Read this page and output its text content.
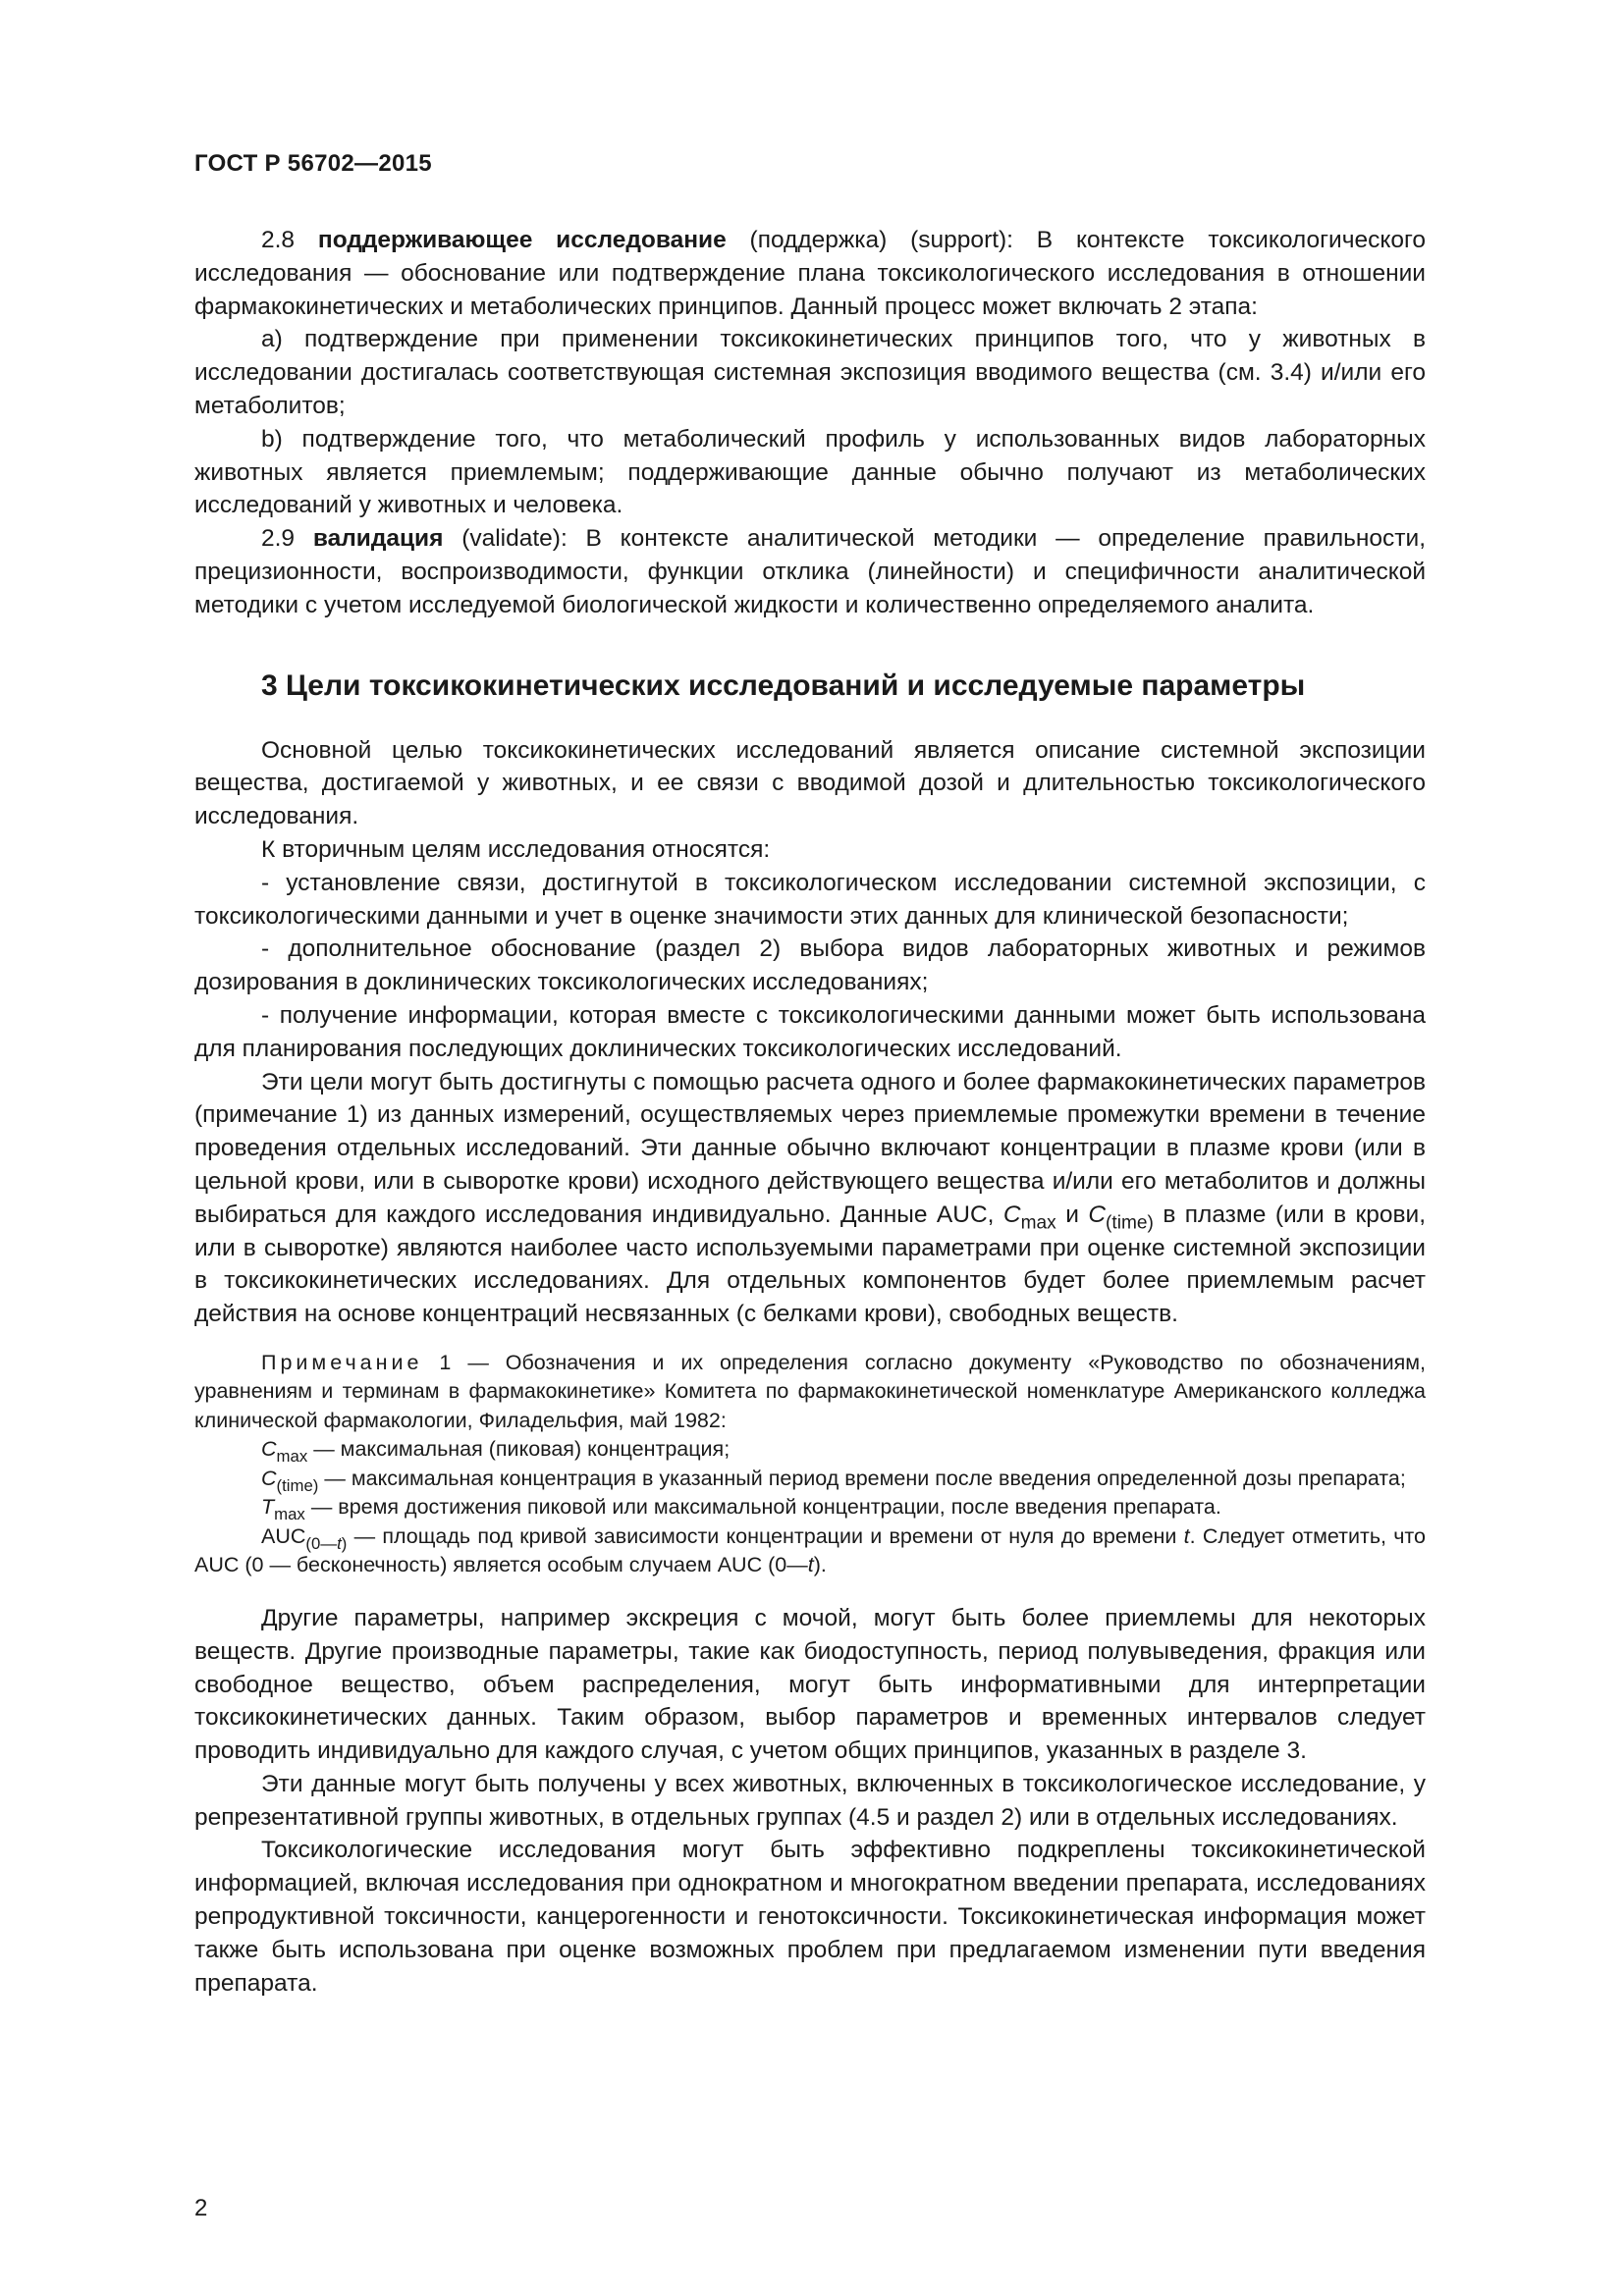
ГОСТ Р 56702—2015

2.8 поддерживающее исследование (поддержка) (support): В контексте токсикологического исследования — обоснование или подтверждение плана токсикологического исследования в отношении фармакокинетических и метаболических принципов. Данный процесс может включать 2 этапа:

а) подтверждение при применении токсикокинетических принципов того, что у животных в исследовании достигалась соответствующая системная экспозиция вводимого вещества (см. 3.4) и/или его метаболитов;

b) подтверждение того, что метаболический профиль у использованных видов лабораторных животных является приемлемым; поддерживающие данные обычно получают из метаболических исследований у животных и человека.

2.9 валидация (validate): В контексте аналитической методики — определение правильности, прецизионности, воспроизводимости, функции отклика (линейности) и специфичности аналитической методики с учетом исследуемой биологической жидкости и количественно определяемого аналита.

3 Цели токсикокинетических исследований и исследуемые параметры

Основной целью токсикокинетических исследований является описание системной экспозиции вещества, достигаемой у животных, и ее связи с вводимой дозой и длительностью токсикологического исследования.

К вторичным целям исследования относятся:

- установление связи, достигнутой в токсикологическом исследовании системной экспозиции, с токсикологическими данными и учет в оценке значимости этих данных для клинической безопасности;

- дополнительное обоснование (раздел 2) выбора видов лабораторных животных и режимов дозирования в доклинических токсикологических исследованиях;

- получение информации, которая вместе с токсикологическими данными может быть использована для планирования последующих доклинических токсикологических исследований.

Эти цели могут быть достигнуты с помощью расчета одного и более фармакокинетических параметров (примечание 1) из данных измерений, осуществляемых через приемлемые промежутки времени в течение проведения отдельных исследований. Эти данные обычно включают концентрации в плазме крови (или в цельной крови, или в сыворотке крови) исходного действующего вещества и/или его метаболитов и должны выбираться для каждого исследования индивидуально. Данные AUC, $C_{max}$ и $C_{(time)}$ в плазме (или в крови, или в сыворотке) являются наиболее часто используемыми параметрами при оценке системной экспозиции в токсикокинетических исследованиях. Для отдельных компонентов будет более приемлемым расчет действия на основе концентраций несвязанных (с белками крови), свободных веществ.

Примечание 1 — Обозначения и их определения согласно документу «Руководство по обозначениям, уравнениям и терминам в фармакокинетике» Комитета по фармакокинетической номенклатуре Американского колледжа клинической фармакологии, Филадельфия, май 1982:

$C_{max}$ — максимальная (пиковая) концентрация;

$C_{(time)}$ — максимальная концентрация в указанный период времени после введения определенной дозы препарата;

$T_{max}$ — время достижения пиковой или максимальной концентрации, после введения препарата.

$AUC_{(0—t)}$ — площадь под кривой зависимости концентрации и времени от нуля до времени t. Следует отметить, что AUC (0 — бесконечность) является особым случаем AUC (0—t).

Другие параметры, например экскреция с мочой, могут быть более приемлемы для некоторых веществ. Другие производные параметры, такие как биодоступность, период полувыведения, фракция или свободное вещество, объем распределения, могут быть информативными для интерпретации токсикокинетических данных. Таким образом, выбор параметров и временных интервалов следует проводить индивидуально для каждого случая, с учетом общих принципов, указанных в разделе 3.

Эти данные могут быть получены у всех животных, включенных в токсикологическое исследование, у репрезентативной группы животных, в отдельных группах (4.5 и раздел 2) или в отдельных исследованиях.

Токсикологические исследования могут быть эффективно подкреплены токсикокинетической информацией, включая исследования при однократном и многократном введении препарата, исследованиях репродуктивной токсичности, канцерогенности и генотоксичности. Токсикокинетическая информация может также быть использована при оценке возможных проблем при предлагаемом изменении пути введения препарата.

2
